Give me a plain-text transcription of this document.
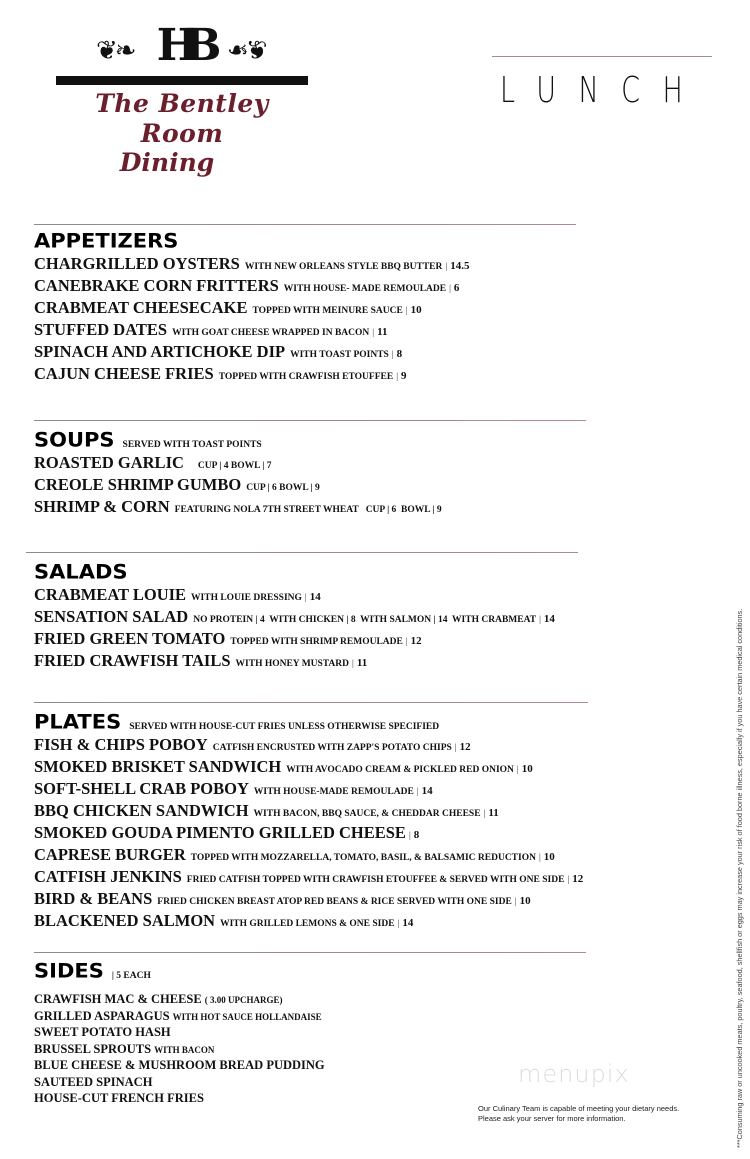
❦❧ HB ❦❧
The Bentley Room
Dining
LUNCH
APPETIZERS
CHARGRILLED OYSTERS WITH NEW ORLEANS STYLE BBQ BUTTER | 14.5
CANEBRAKE CORN FRITTERS WITH HOUSE- MADE REMOULADE | 6
CRABMEAT CHEESECAKE TOPPED WITH MEINURE SAUCE | 10
STUFFED DATES WITH GOAT CHEESE WRAPPED IN BACON | 11
SPINACH AND ARTICHOKE DIP WITH TOAST POINTS | 8
CAJUN CHEESE FRIES TOPPED WITH CRAWFISH ETOUFFEE | 9
SOUPS SERVED WITH TOAST POINTS
ROASTED GARLIC CUP | 4 BOWL | 7
CREOLE SHRIMP GUMBO CUP | 6 BOWL | 9
SHRIMP & CORN FEATURING NOLA 7TH STREET WHEAT   CUP | 6  BOWL | 9
SALADS
CRABMEAT LOUIE WITH LOUIE DRESSING | 14
SENSATION SALAD NO PROTEIN | 4  WITH CHICKEN | 8  WITH SALMON | 14  WITH CRABMEAT | 14
FRIED GREEN TOMATO TOPPED WITH SHRIMP REMOULADE | 12
FRIED CRAWFISH TAILS WITH HONEY MUSTARD | 11
PLATES SERVED WITH HOUSE-CUT FRIES UNLESS OTHERWISE SPECIFIED
FISH & CHIPS POBOY CATFISH ENCRUSTED WITH ZAPP'S POTATO CHIPS | 12
SMOKED BRISKET SANDWICH WITH AVOCADO CREAM & PICKLED RED ONION | 10
SOFT-SHELL CRAB POBOY WITH HOUSE-MADE REMOULADE | 14
BBQ CHICKEN SANDWICH WITH BACON, BBQ SAUCE, & CHEDDAR CHEESE | 11
SMOKED GOUDA PIMENTO GRILLED CHEESE | 8
CAPRESE BURGER TOPPED WITH MOZZARELLA, TOMATO, BASIL, & BALSAMIC REDUCTION | 10
CATFISH JENKINS FRIED CATFISH TOPPED WITH CRAWFISH ETOUFFEE & SERVED WITH ONE SIDE | 12
BIRD & BEANS FRIED CHICKEN BREAST ATOP RED BEANS & RICE SERVED WITH ONE SIDE | 10
BLACKENED SALMON WITH GRILLED LEMONS & ONE SIDE | 14
SIDES | 5 EACH
CRAWFISH MAC & CHEESE ( 3.00 UPCHARGE)
GRILLED ASPARAGUS WITH HOT SAUCE HOLLANDAISE
SWEET POTATO HASH
BRUSSEL SPROUTS WITH BACON
BLUE CHEESE & MUSHROOM BREAD PUDDING
SAUTEED SPINACH
HOUSE-CUT FRENCH FRIES
menupix
Our Culinary Team is capable of meeting your dietary needs.
Please ask your server for more information.	***Consuming raw or uncooked meats, poultry, seafood, shellfish or eggs may increase your risk of food borne illness, especially if you have certain medical conditions.
